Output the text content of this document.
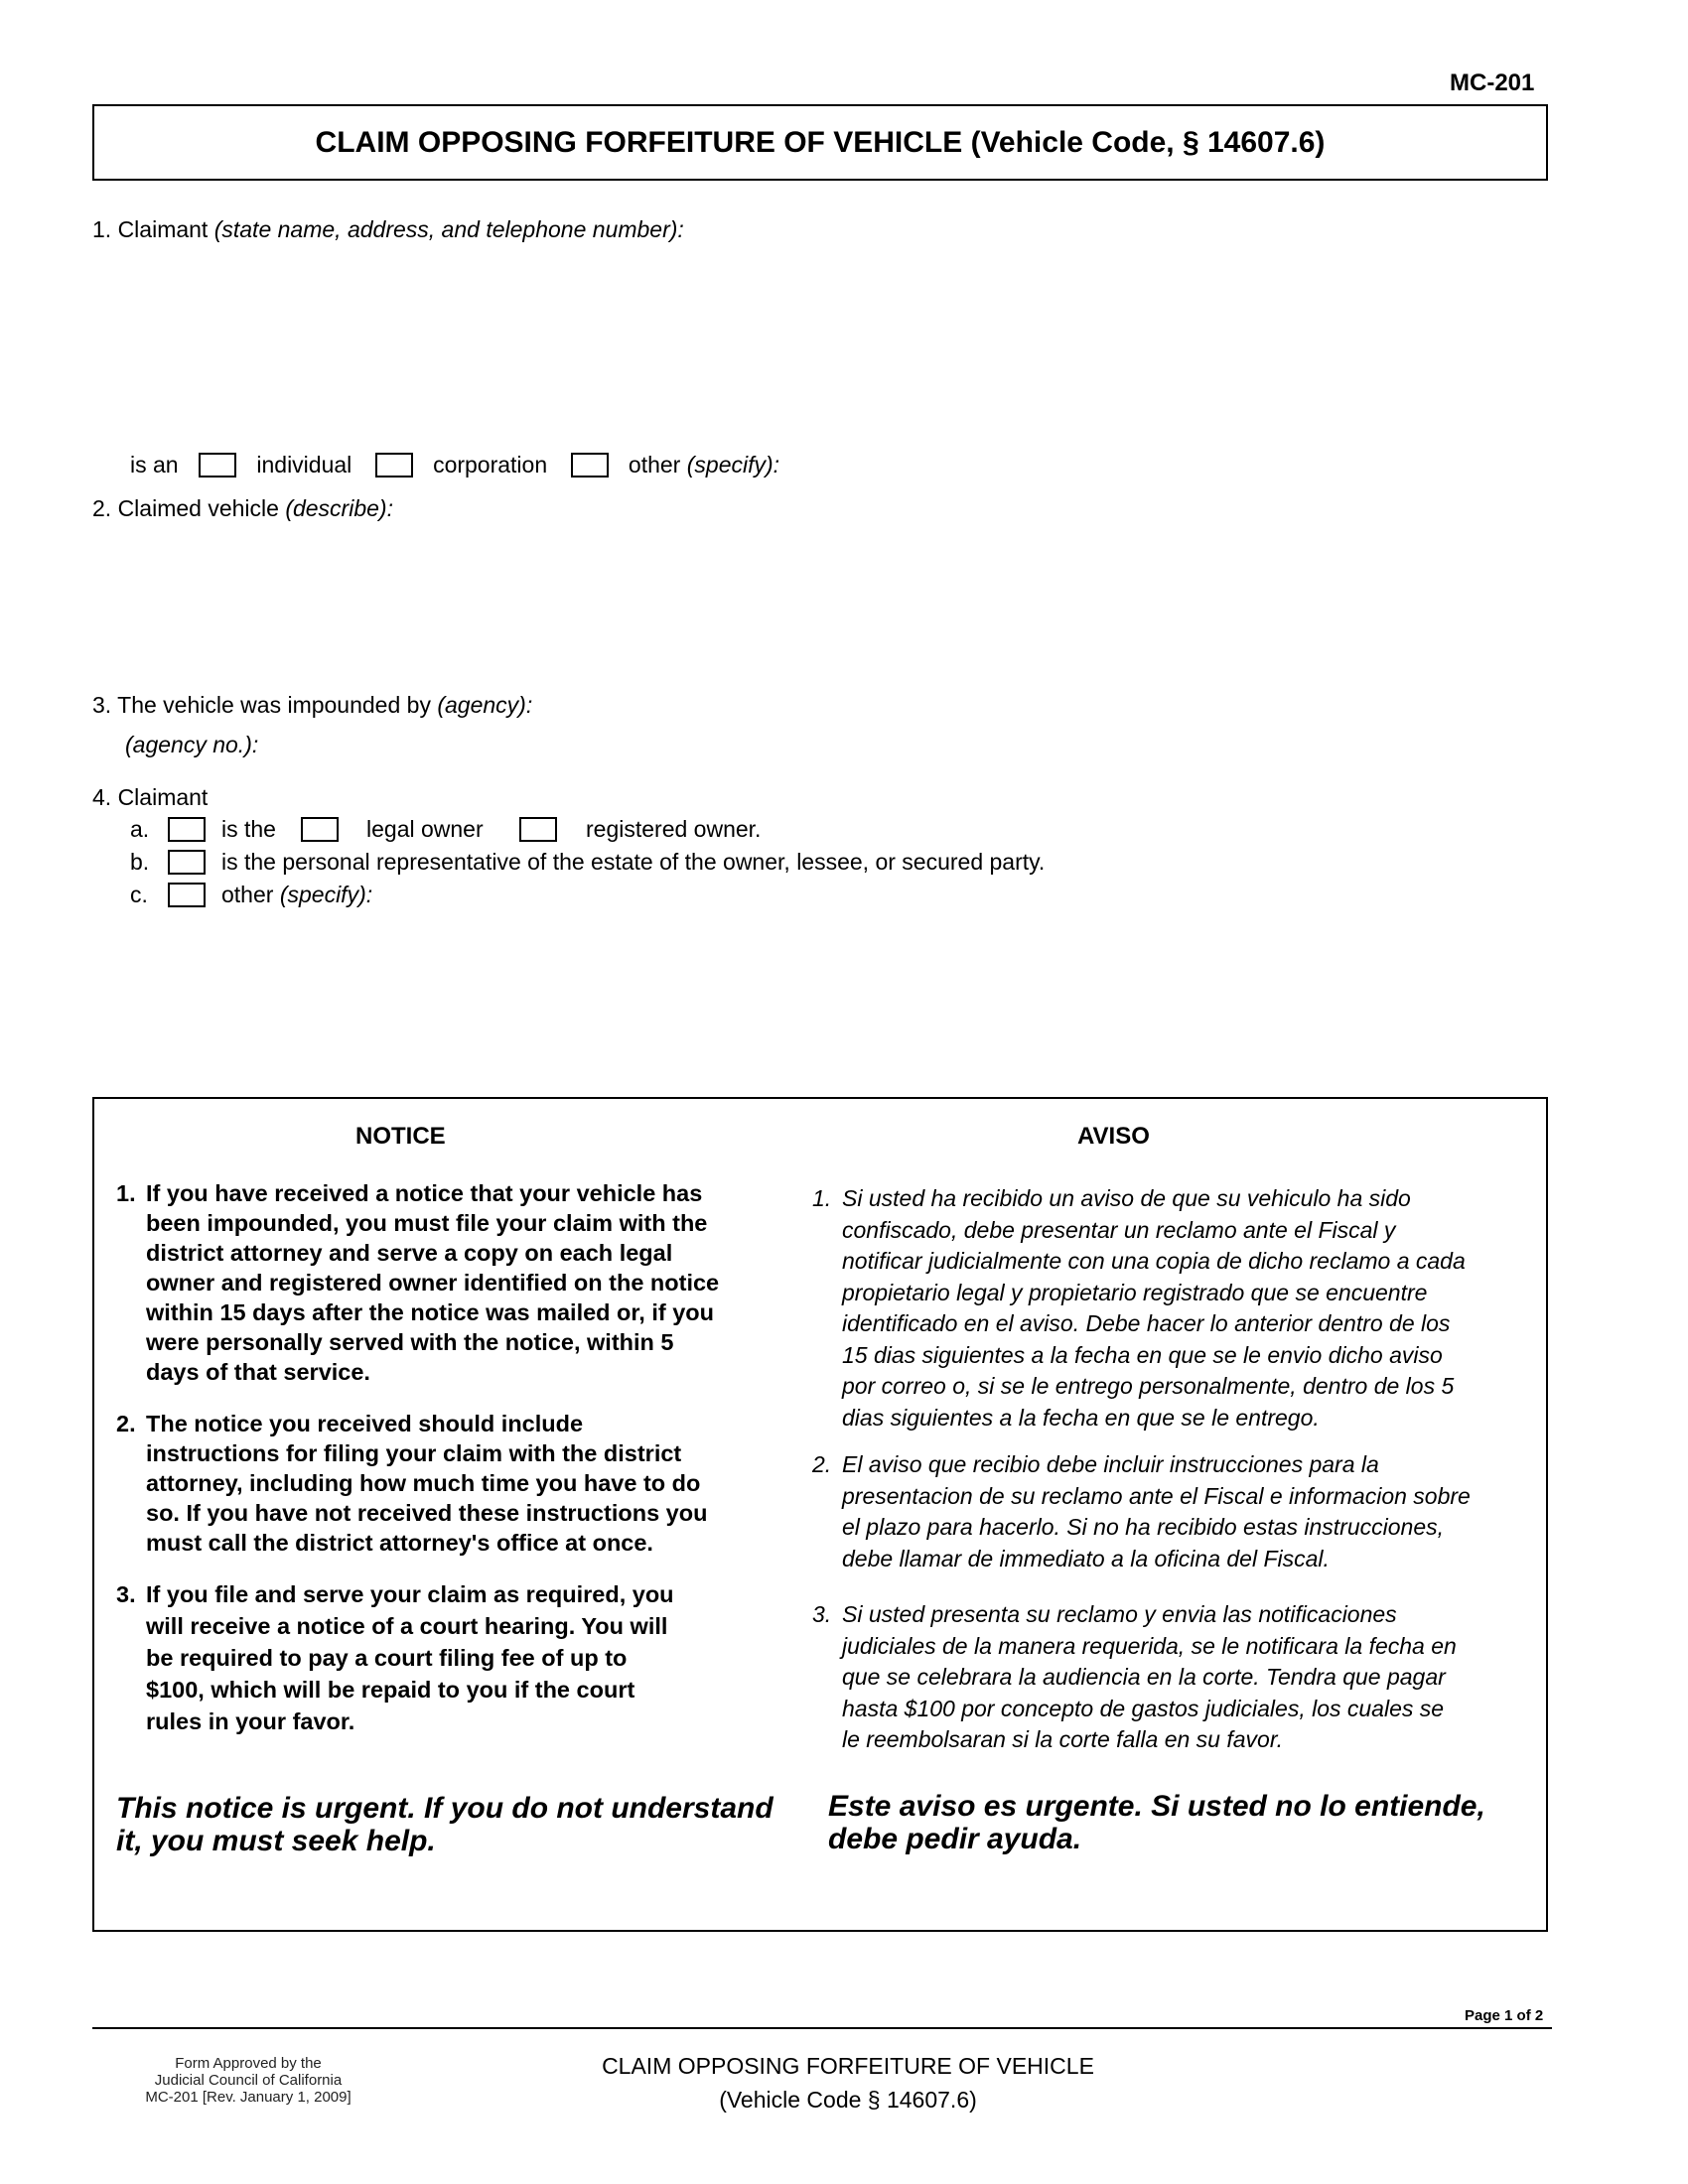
MC-201
CLAIM OPPOSING FORFEITURE OF VEHICLE (Vehicle Code, § 14607.6)
1. Claimant (state name, address, and telephone number):
is an	individual	corporation	other (specify):
2. Claimed vehicle (describe):
3. The vehicle was impounded by (agency):
(agency no.):
4. Claimant
a.	is the	legal owner	registered owner.
b.	is the personal representative of the estate of the owner, lessee, or secured party.
c.	other (specify):
NOTICE	AVISO
1. If you have received a notice that your vehicle has
been impounded, you must file your claim with the
district attorney and serve a copy on each legal
owner and registered owner identified on the notice
within 15 days after the notice was mailed or, if you
were personally served with the notice, within 5
days of that service.
2. The notice you received should include
instructions for filing your claim with the district
attorney, including how much time you have to do
so. If you have not received these instructions you
must call the district attorney's office at once.
3. If you file and serve your claim as required, you
will receive a notice of a court hearing. You will
be required to pay a court filing fee of up to
$100, which will be repaid to you if the court
rules in your favor.
1. Si usted ha recibido un aviso de que su vehiculo ha sido
confiscado, debe presentar un reclamo ante el Fiscal y
notificar judicialmente con una copia de dicho reclamo a cada
propietario legal y propietario registrado que se encuentre
identificado en el aviso. Debe hacer lo anterior dentro de los
15 dias siguientes a la fecha en que se le envio dicho aviso
por correo o, si se le entrego personalmente, dentro de los 5
dias siguientes a la fecha en que se le entrego.
2. El aviso que recibio debe incluir instrucciones para la
presentacion de su reclamo ante el Fiscal e informacion sobre
el plazo para hacerlo. Si no ha recibido estas instrucciones,
debe llamar de immediato a la oficina del Fiscal.
3. Si usted presenta su reclamo y envia las notificaciones
judiciales de la manera requerida, se le notificara la fecha en
que se celebrara la audiencia en la corte. Tendra que pagar
hasta $100 por concepto de gastos judiciales, los cuales se
le reembolsaran si la corte falla en su favor.
This notice is urgent. If you do not understand
it, you must seek help.
Este aviso es urgente. Si usted no lo entiende,
debe pedir ayuda.
Page 1 of 2
Form Approved by the
Judicial Council of California
MC-201 [Rev. January 1, 2009]
CLAIM OPPOSING FORFEITURE OF VEHICLE
(Vehicle Code § 14607.6)
